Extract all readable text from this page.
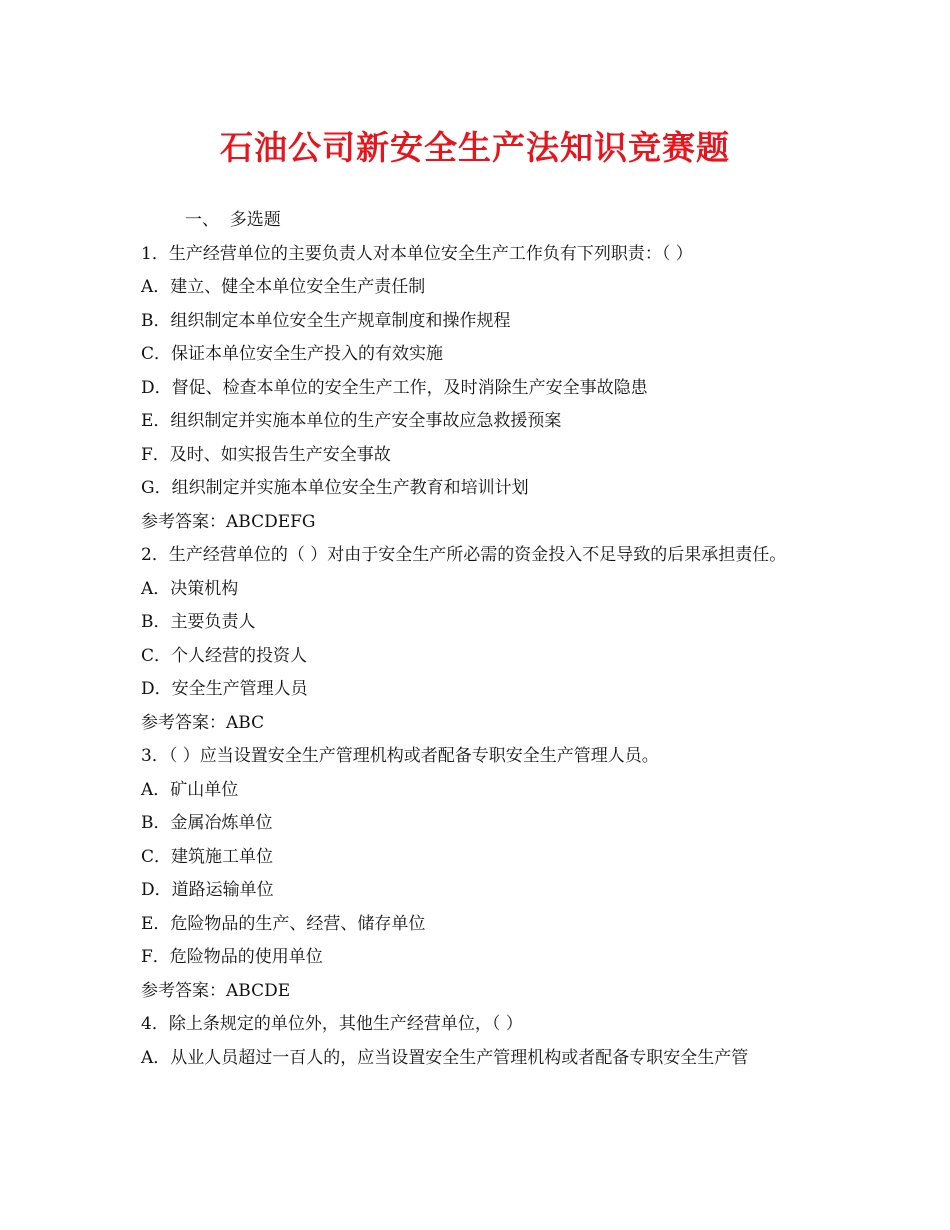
石油公司新安全生产法知识竞赛题
一、  多选题
1．生产经营单位的主要负责人对本单位安全生产工作负有下列职责：（ ）
A．建立、健全本单位安全生产责任制
B．组织制定本单位安全生产规章制度和操作规程
C．保证本单位安全生产投入的有效实施
D．督促、检查本单位的安全生产工作，及时消除生产安全事故隐患
E．组织制定并实施本单位的生产安全事故应急救援预案
F．及时、如实报告生产安全事故
G．组织制定并实施本单位安全生产教育和培训计划
参考答案：ABCDEFG
2．生产经营单位的（ ）对由于安全生产所必需的资金投入不足导致的后果承担责任。
A．决策机构
B．主要负责人
C．个人经营的投资人
D．安全生产管理人员
参考答案：ABC
3．（ ）应当设置安全生产管理机构或者配备专职安全生产管理人员。
A．矿山单位
B．金属冶炼单位
C．建筑施工单位
D．道路运输单位
E．危险物品的生产、经营、储存单位
F．危险物品的使用单位
参考答案：ABCDE
4．除上条规定的单位外，其他生产经营单位，（ ）
A．从业人员超过一百人的，应当设置安全生产管理机构或者配备专职安全生产管
